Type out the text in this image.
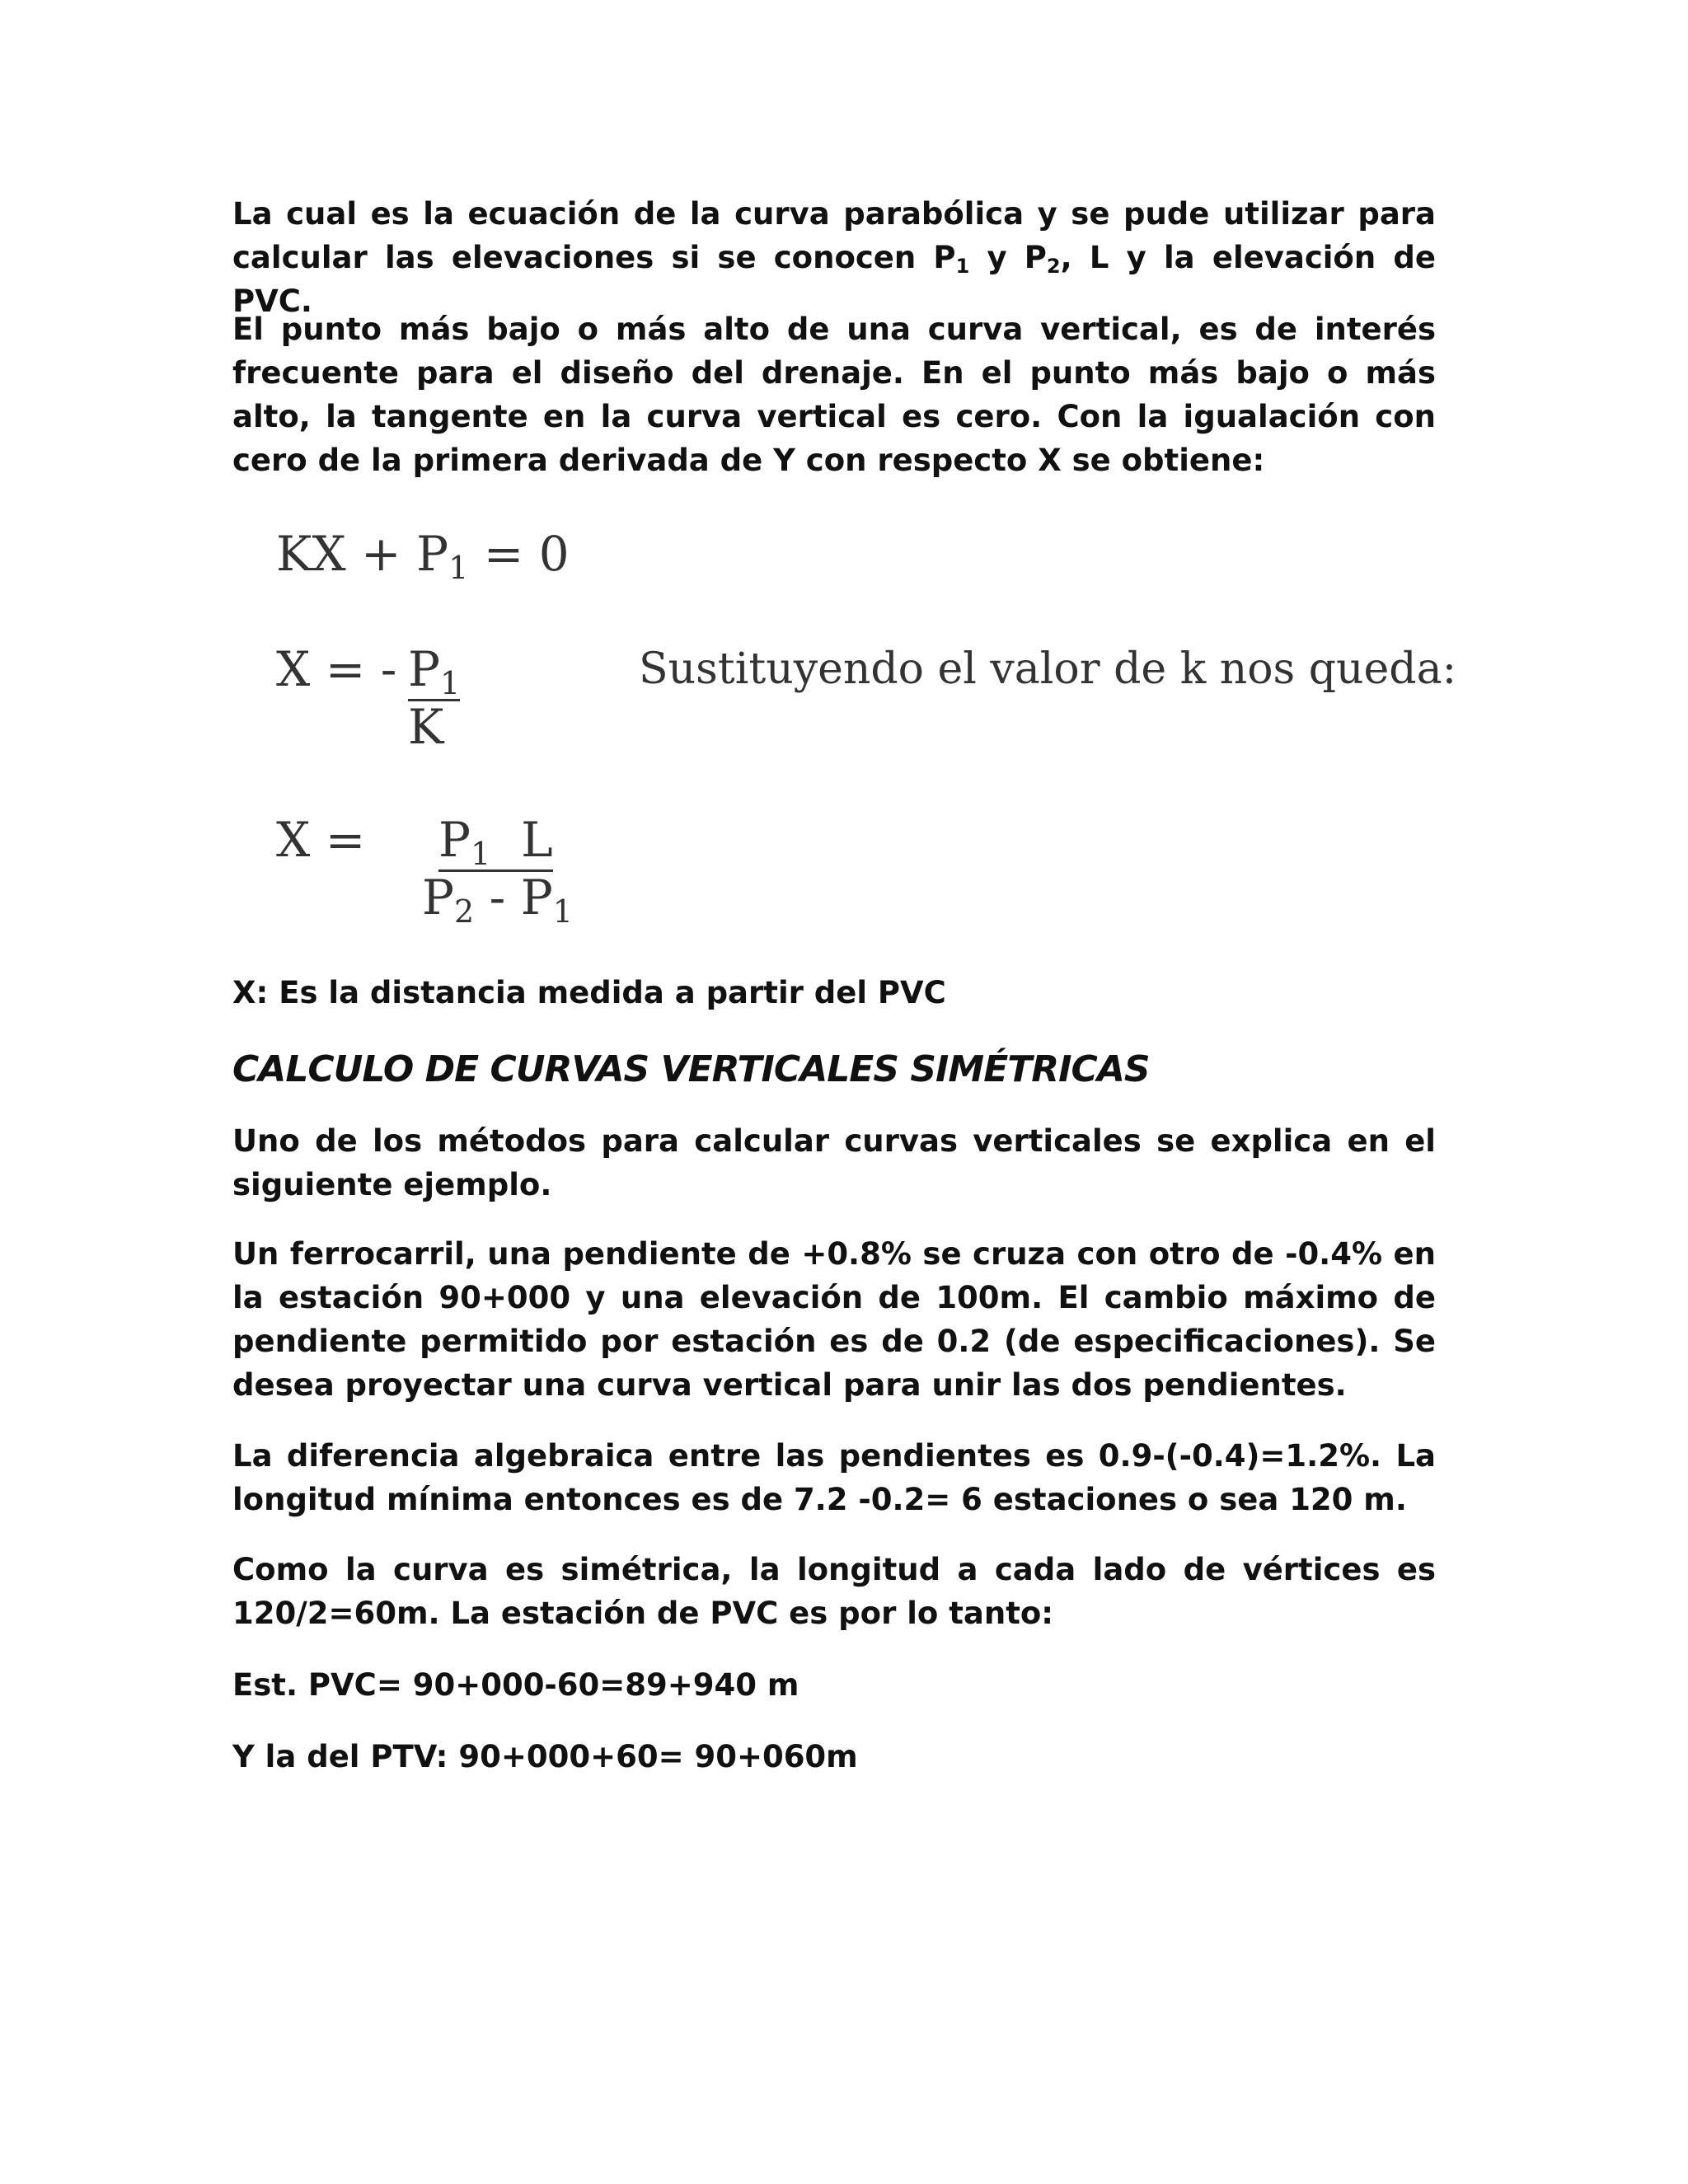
La cual es la ecuación de la curva parabólica y se pude utilizar para calcular las elevaciones si se conocen $P_1$ y $P_2$, L y la elevación de PVC.

El punto más bajo o más alto de una curva vertical, es de interés frecuente para el diseño del drenaje. En el punto más bajo o más alto, la tangente en la curva vertical es cero. Con la igualación con cero de la primera derivada de Y con respecto X se obtiene:

KX + $P_1 = 0$
X = - $P_1$
K
Sustituyendo el valor de k nos queda:
$X = P_1$ L
$P_2 - P_1$

X: Es la distancia medida a partir del PVC

CALCULO DE CURVAS VERTICALES SIMÉTRICAS

Uno de los métodos para calcular curvas verticales se explica en el siguiente ejemplo.

Un ferrocarril, una pendiente de +0.8% se cruza con otro de -0.4% en la estación 90+000 y una elevación de 100m. El cambio máximo de pendiente permitido por estación es de 0.2 (de especificaciones). Se desea proyectar una curva vertical para unir las dos pendientes.

La diferencia algebraica entre las pendientes es 0.9-(-0.4)=1.2%. La longitud mínima entonces es de 7.2 -0.2= 6 estaciones o sea 120 m.

Como la curva es simétrica, la longitud a cada lado de vértices es 120/2=60m. La estación de PVC es por lo tanto:

Est. PVC= 90+000-60=89+940 m

Y la del PTV: 90+000+60= 90+060m
